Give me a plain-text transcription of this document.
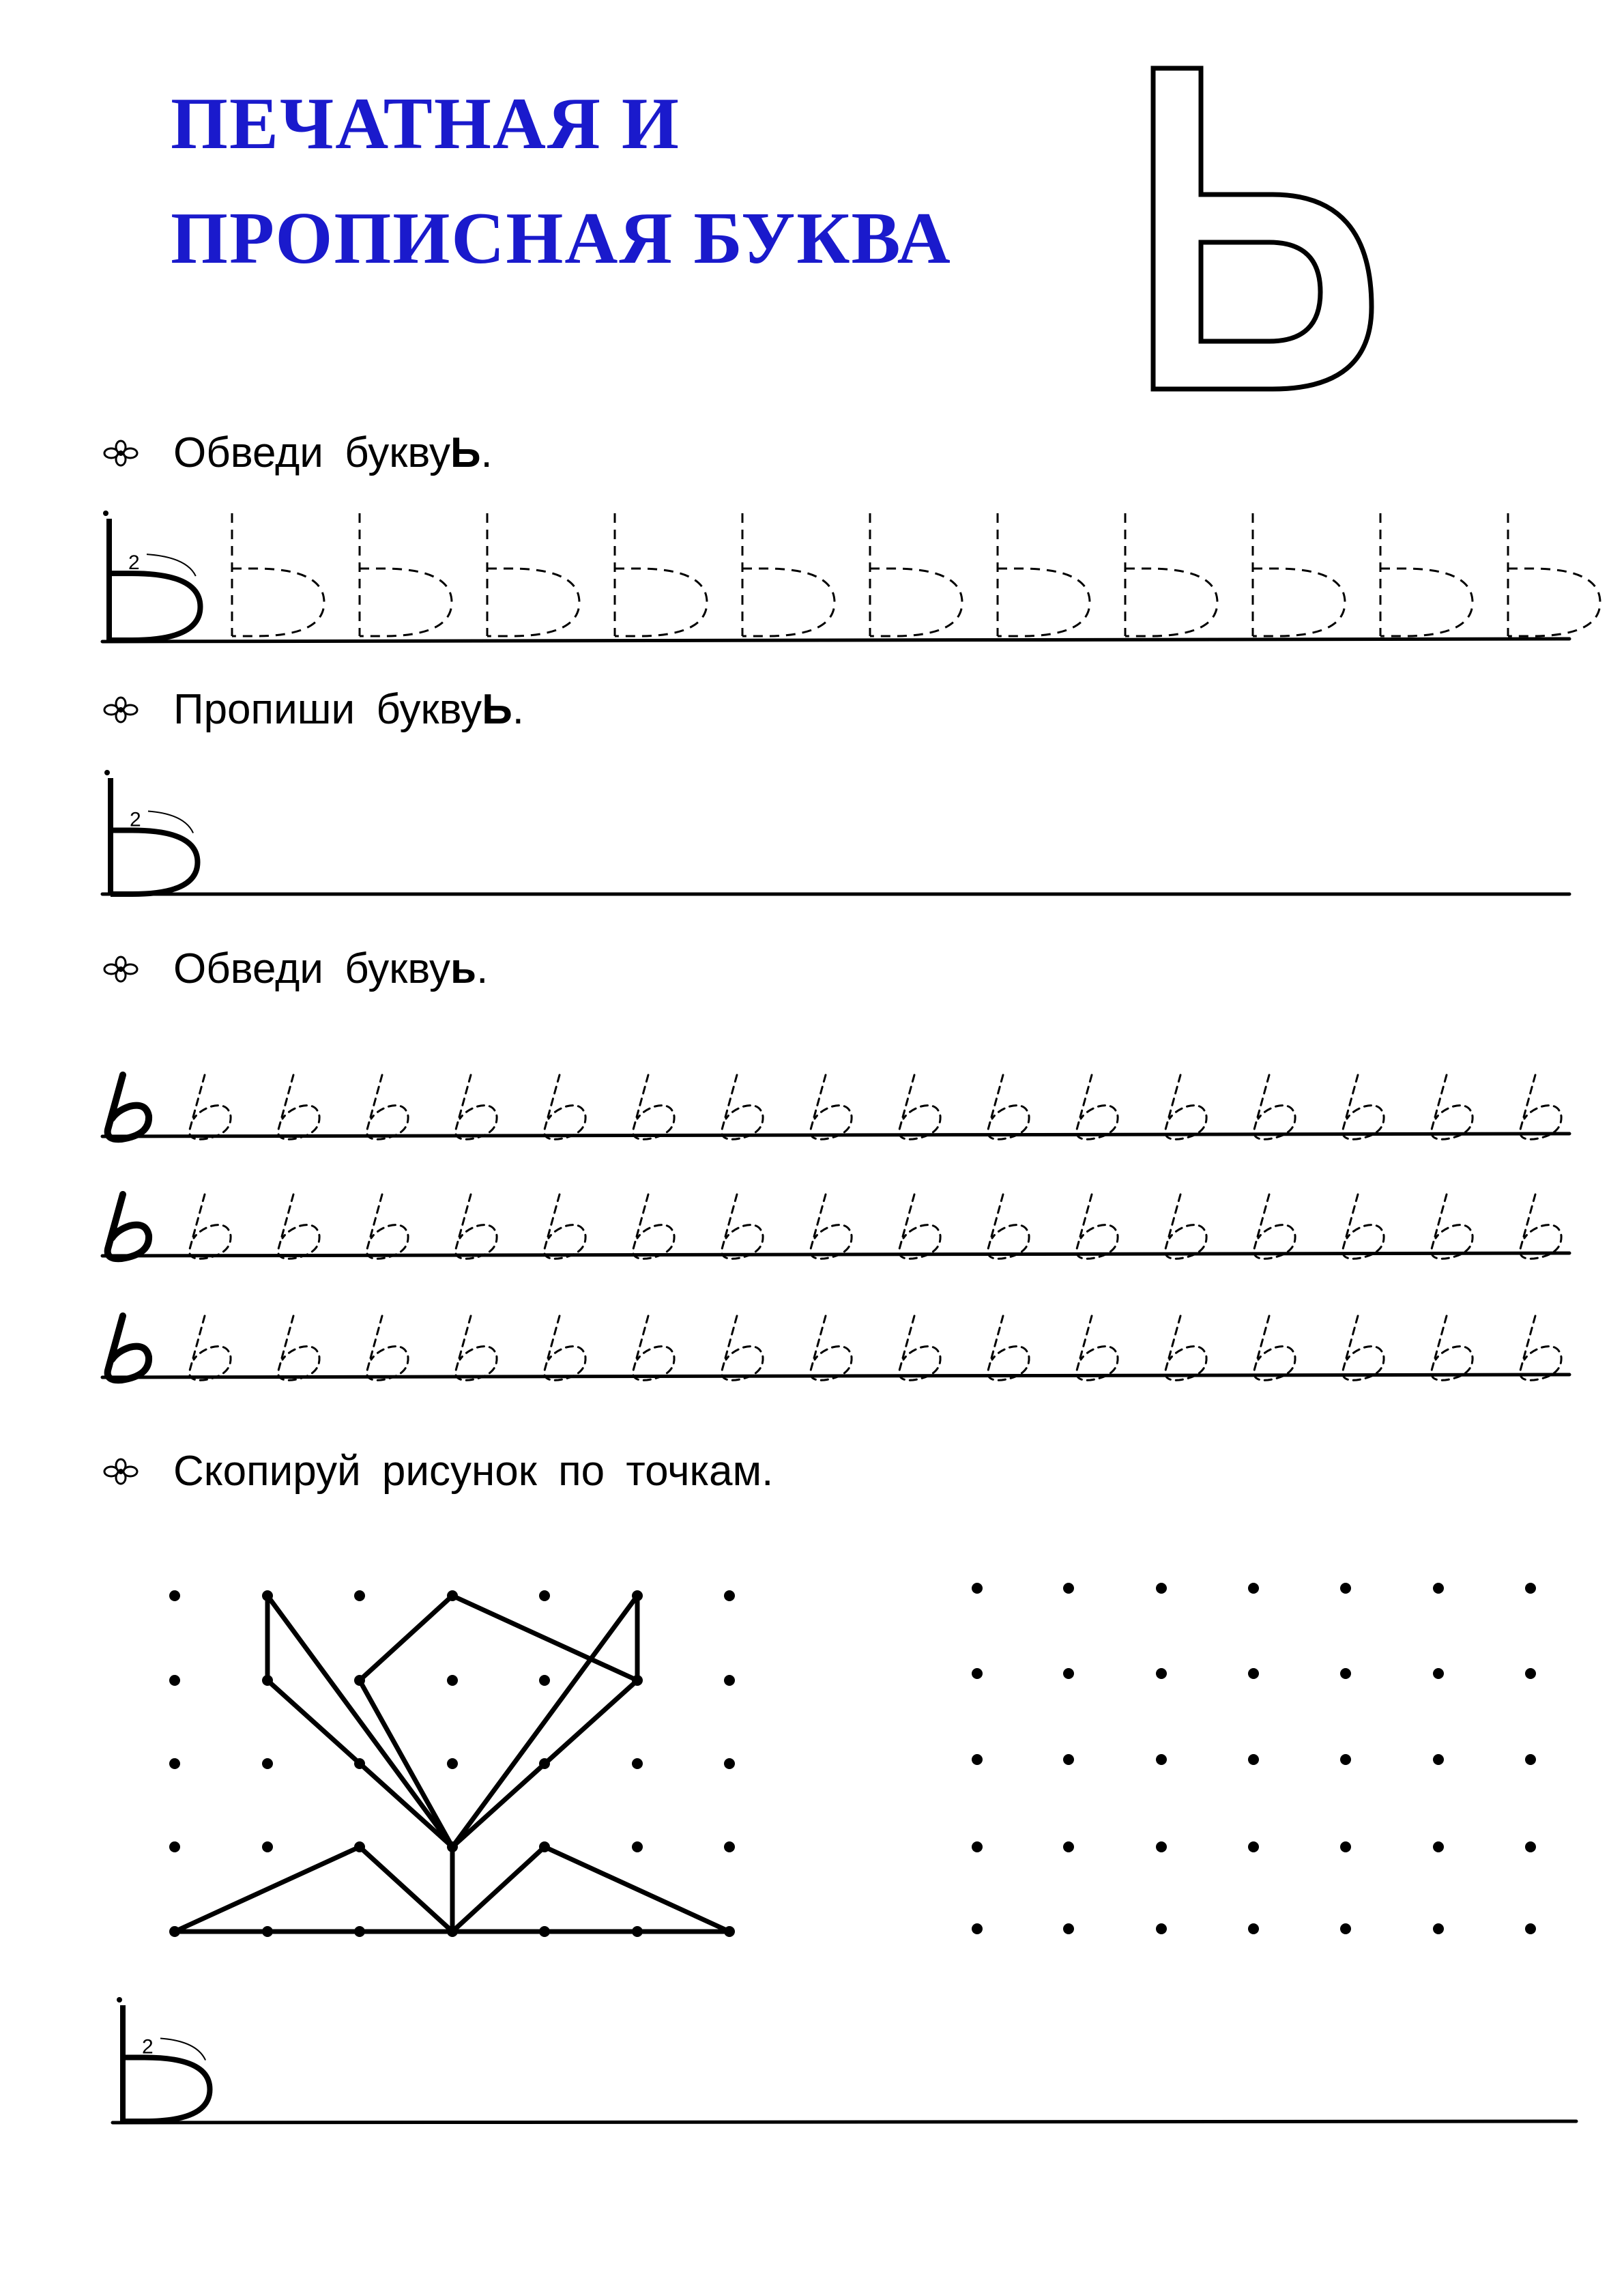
ПЕЧАТНАЯ И
ПРОПИСНАЯ БУКВА
Обведи букву Ь .
Пропиши букву Ь .
Обведи букву ь .
Скопируй рисунок по точкам.
2
2
2
